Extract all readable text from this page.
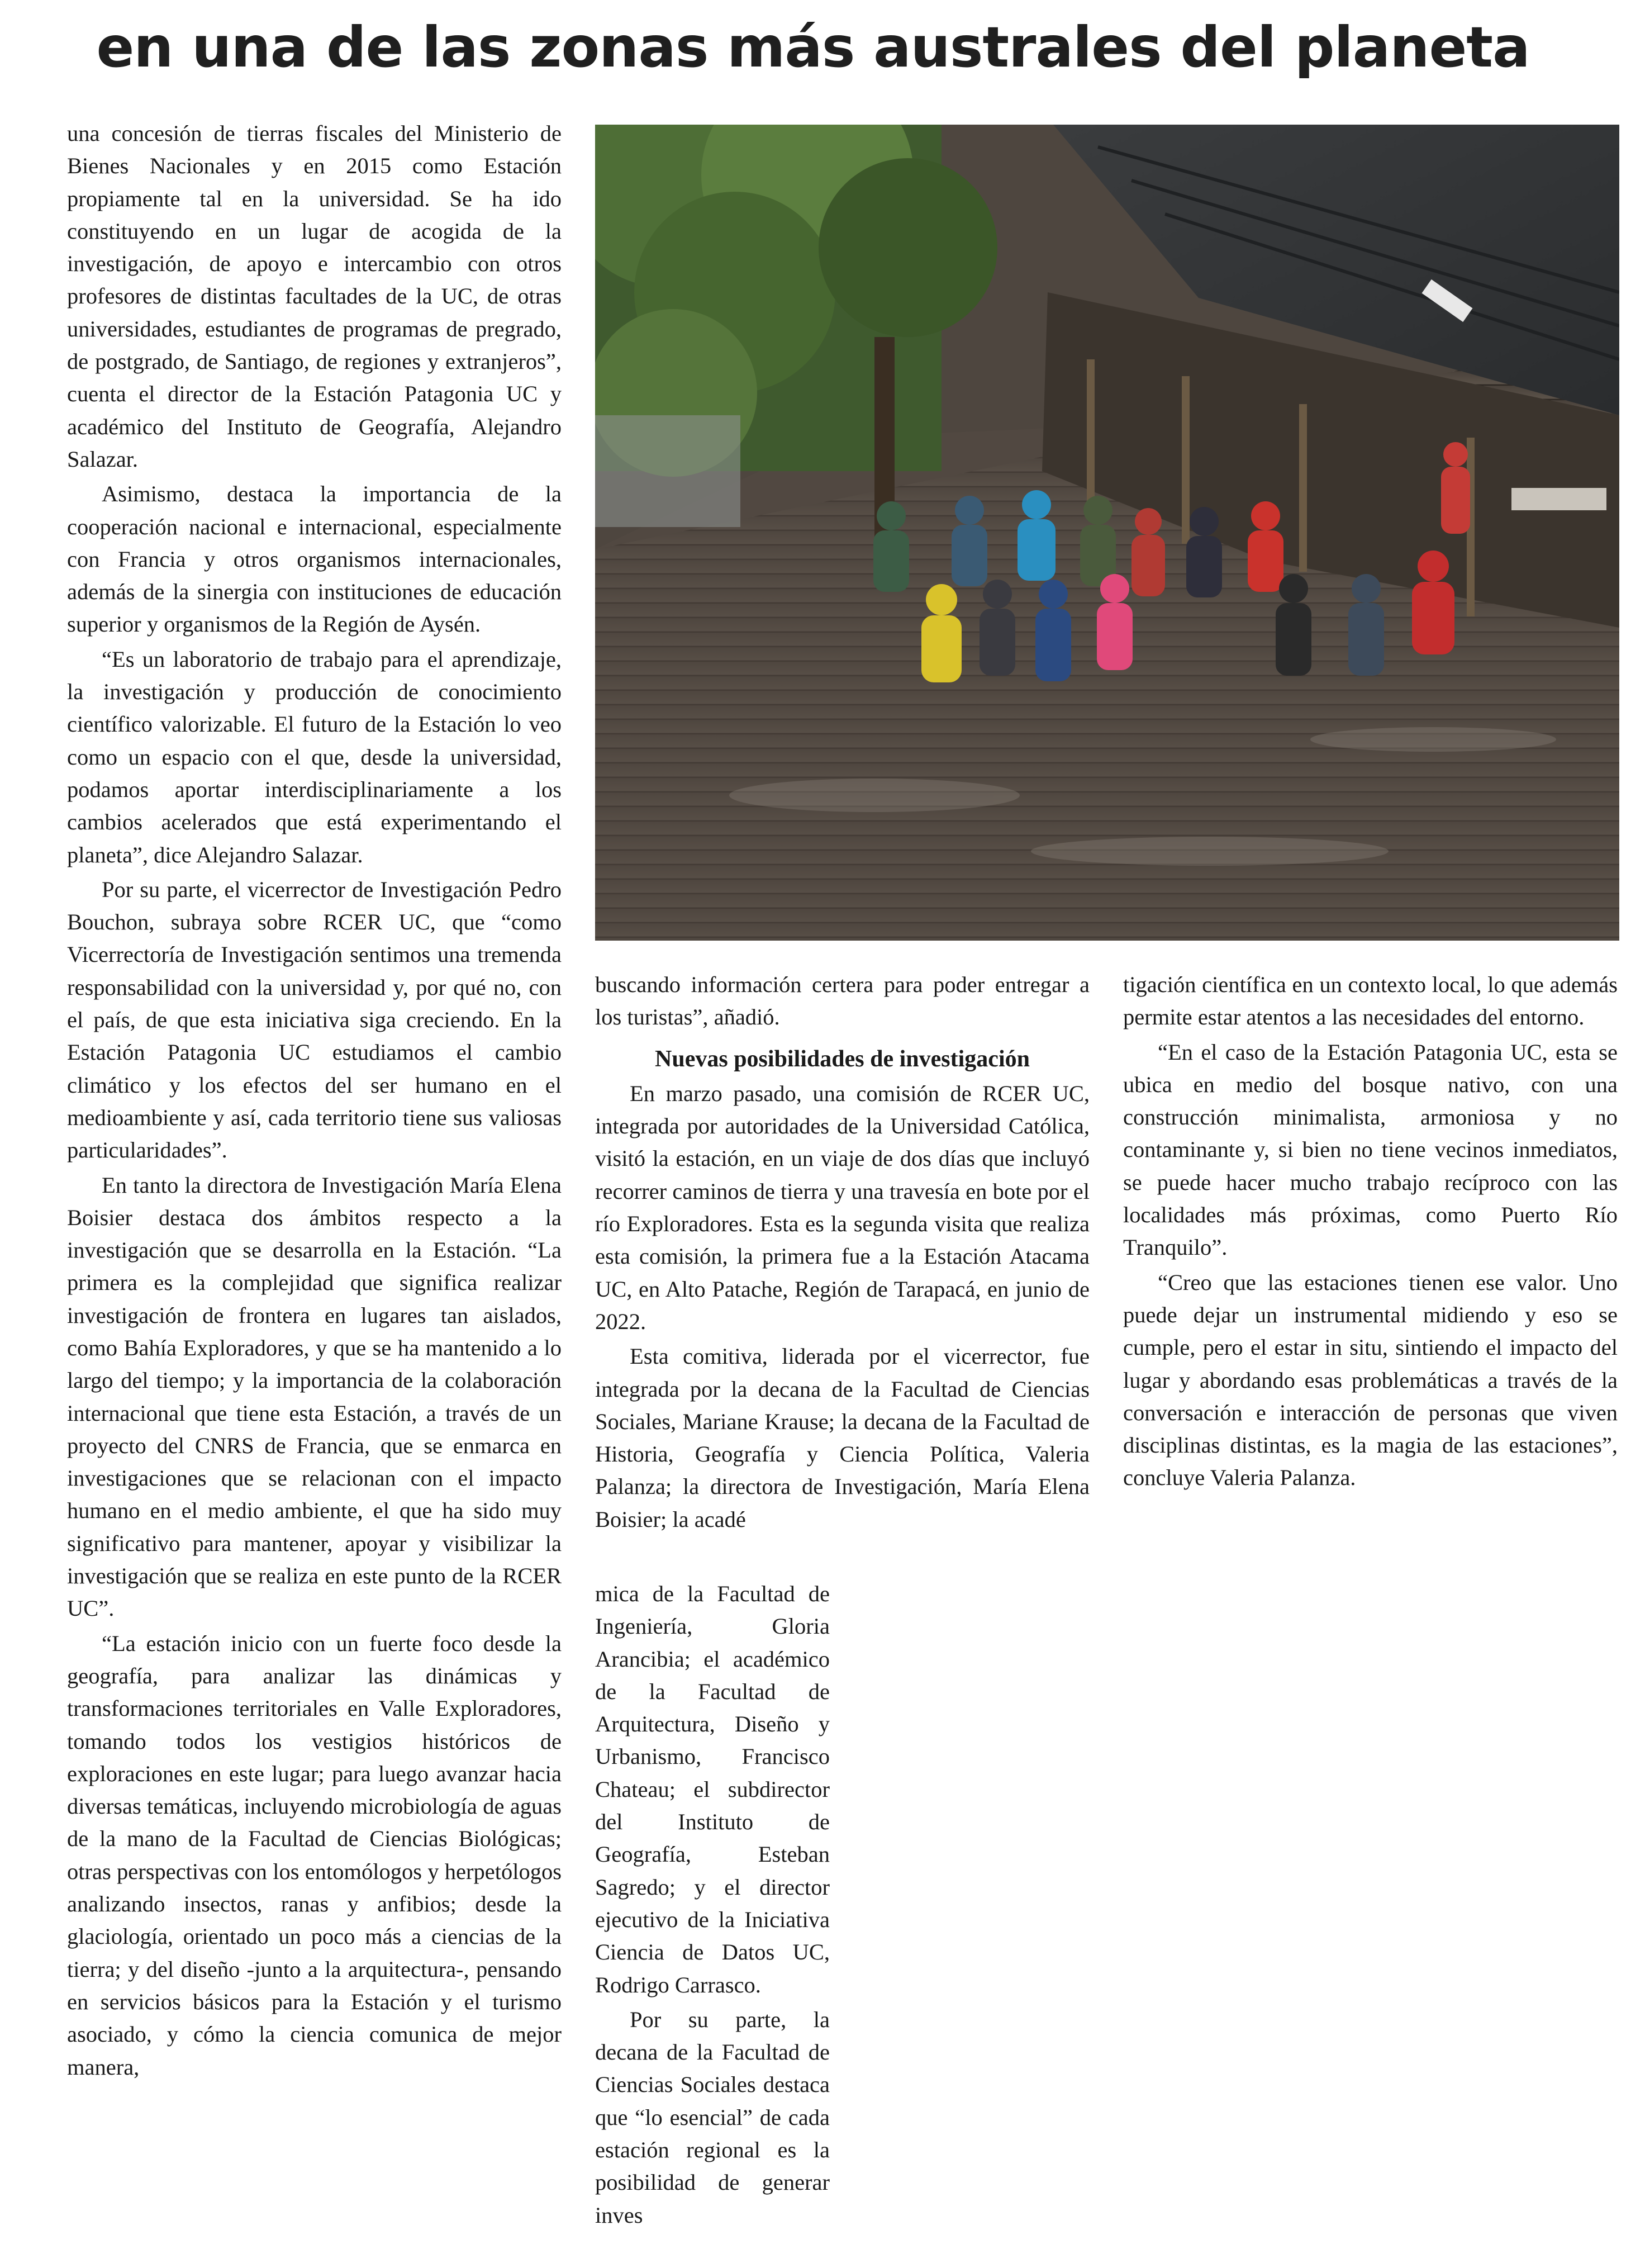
en una de las zonas más australes del planeta

una concesión de tierras fiscales del Ministerio de Bienes Nacionales y en 2015 como Estación propiamente tal en la universidad. Se ha ido constituyendo en un lugar de acogida de la investigación, de apoyo e intercambio con otros profesores de distintas facultades de la UC, de otras universidades, estudiantes de programas de pregrado, de postgrado, de Santiago, de regiones y extranjeros”, cuenta el director de la Estación Patagonia UC y académico del Instituto de Geografía, Alejandro Salazar.

Asimismo, destaca la importancia de la cooperación nacional e internacional, especialmente con Francia y otros organismos internacionales, además de la sinergia con instituciones de educación superior y organismos de la Región de Aysén.

“Es un laboratorio de trabajo para el aprendizaje, la investigación y producción de conocimiento científico valorizable. El futuro de la Estación lo veo como un espacio con el que, desde la universidad, podamos aportar interdisciplinariamente a los cambios acelerados que está experimentando el planeta”, dice Alejandro Salazar.

Por su parte, el vicerrector de Investigación Pedro Bouchon, subraya sobre RCER UC, que “como Vicerrectoría de Investigación sentimos una tremenda responsabilidad con la universidad y, por qué no, con el país, de que esta iniciativa siga creciendo. En la Estación Patagonia UC estudiamos el cambio climático y los efectos del ser humano en el medioambiente y así, cada territorio tiene sus valiosas particularidades”.

En tanto la directora de Investigación María Elena Boisier destaca dos ámbitos respecto a la investigación que se desarrolla en la Estación. “La primera es la complejidad que significa realizar investigación de frontera en lugares tan aislados, como Bahía Exploradores, y que se ha mantenido a lo largo del tiempo; y la importancia de la colaboración internacional que tiene esta Estación, a través de un proyecto del CNRS de Francia, que se enmarca en investigaciones que se relacionan con el impacto humano en el medio ambiente, el que ha sido muy significativo para mantener, apoyar y visibilizar la investigación que se realiza en este punto de la RCER UC”.

“La estación inicio con un fuerte foco desde la geografía, para analizar las dinámicas y transformaciones territoriales en Valle Exploradores, tomando todos los vestigios históricos de exploraciones en este lugar; para luego avanzar hacia diversas temáticas, incluyendo microbiología de aguas de la mano de la Facultad de Ciencias Biológicas; otras perspectivas con los entomólogos y herpetólogos analizando insectos, ranas y anfibios; desde la glaciología, orientado un poco más a ciencias de la tierra; y del diseño -junto a la arquitectura-, pensando en servicios básicos para la Estación y el turismo asociado, y cómo la ciencia comunica de mejor manera,

buscando información certera para poder entregar a los turistas”, añadió.

Nuevas posibilidades de investigación

En marzo pasado, una comisión de RCER UC, integrada por autoridades de la Universidad Católica, visitó la estación, en un viaje de dos días que incluyó recorrer caminos de tierra y una travesía en bote por el río Exploradores. Esta es la segunda visita que realiza esta comisión, la primera fue a la Estación Atacama UC, en Alto Patache, Región de Tarapacá, en junio de 2022.

Esta comitiva, liderada por el vicerrector, fue integrada por la decana de la Facultad de Ciencias Sociales, Mariane Krause; la decana de la Facultad de Historia, Geografía y Ciencia Política, Valeria Palanza; la directora de Investigación, María Elena Boisier; la acadé

mica de la Facultad de Ingeniería, Gloria Arancibia; el académico de la Facultad de Arquitectura, Diseño y Urbanismo, Francisco Chateau; el subdirector del Instituto de Geografía, Esteban Sagredo; y el director ejecutivo de la Iniciativa Ciencia de Datos UC, Rodrigo Carrasco.

Por su parte, la decana de la Facultad de Ciencias Sociales destaca que “lo esencial” de cada estación regional es la posibilidad de generar inves

tigación científica en un contexto local, lo que además permite estar atentos a las necesidades del entorno.

“En el caso de la Estación Patagonia UC, esta se ubica en medio del bosque nativo, con una construcción minimalista, armoniosa y no contaminante y, si bien no tiene vecinos inmediatos, se puede hacer mucho trabajo recíproco con las localidades más próximas, como Puerto Río Tranquilo”.

“Creo que las estaciones tienen ese valor. Uno puede dejar un instrumental midiendo y eso se cumple, pero el estar in situ, sintiendo el impacto del lugar y abordando esas problemáticas a través de la conversación e interacción de personas que viven disciplinas distintas, es la magia de las estaciones”, concluye Valeria Palanza.
